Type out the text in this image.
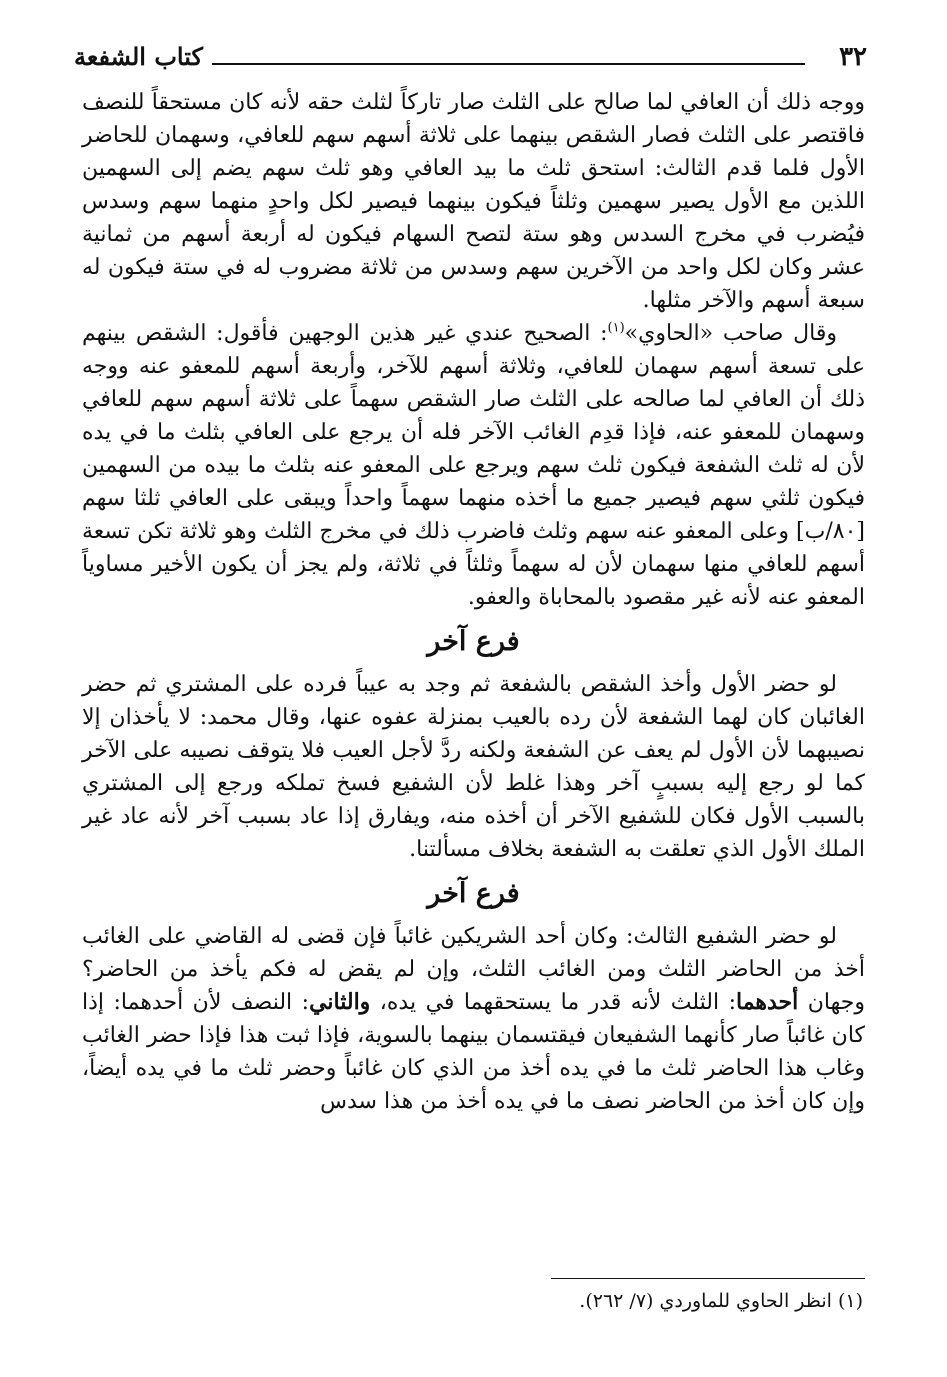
٣٢
كتاب الشفعة

ووجه ذلك أن العافي لما صالح على الثلث صار تاركاً لثلث حقه لأنه كان مستحقاً للنصف فاقتصر على الثلث فصار الشقص بينهما على ثلاثة أسهم سهم للعافي، وسهمان للحاضر الأول فلما قدم الثالث: استحق ثلث ما بيد العافي وهو ثلث سهم يضم إلى السهمين اللذين مع الأول يصير سهمين وثلثاً فيكون بينهما فيصير لكل واحدٍ منهما سهم وسدس فيُضرب في مخرج السدس وهو ستة لتصح السهام فيكون له أربعة أسهم من ثمانية عشر وكان لكل واحد من الآخرين سهم وسدس من ثلاثة مضروب له في ستة فيكون له سبعة أسهم والآخر مثلها.

وقال صاحب «الحاوي»$^{(١)}$: الصحيح عندي غير هذين الوجهين فأقول: الشقص بينهم على تسعة أسهم سهمان للعافي، وثلاثة أسهم للآخر، وأربعة أسهم للمعفو عنه ووجه ذلك أن العافي لما صالحه على الثلث صار الشقص سهماً على ثلاثة أسهم سهم للعافي وسهمان للمعفو عنه، فإذا قدِم الغائب الآخر فله أن يرجع على العافي بثلث ما في يده لأن له ثلث الشفعة فيكون ثلث سهم ويرجع على المعفو عنه بثلث ما بيده من السهمين فيكون ثلثي سهم فيصير جميع ما أخذه منهما سهماً واحداً ويبقى على العافي ثلثا سهم [٨٠/ب] وعلى المعفو عنه سهم وثلث فاضرب ذلك في مخرج الثلث وهو ثلاثة تكن تسعة أسهم للعافي منها سهمان لأن له سهماً وثلثاً في ثلاثة، ولم يجز أن يكون الأخير مساوياً المعفو عنه لأنه غير مقصود بالمحاباة والعفو.

فرع آخر

لو حضر الأول وأخذ الشقص بالشفعة ثم وجد به عيباً فرده على المشتري ثم حضر الغائبان كان لهما الشفعة لأن رده بالعيب بمنزلة عفوه عنها، وقال محمد: لا يأخذان إلا نصيبهما لأن الأول لم يعف عن الشفعة ولكنه ردَّ لأجل العيب فلا يتوقف نصيبه على الآخر كما لو رجع إليه بسببٍ آخر وهذا غلط لأن الشفيع فسخ تملكه ورجع إلى المشتري بالسبب الأول فكان للشفيع الآخر أن أخذه منه، ويفارق إذا عاد بسبب آخر لأنه عاد غير الملك الأول الذي تعلقت به الشفعة بخلاف مسألتنا.

فرع آخر

لو حضر الشفيع الثالث: وكان أحد الشريكين غائباً فإن قضى له القاضي على الغائب أخذ من الحاضر الثلث ومن الغائب الثلث، وإن لم يقض له فكم يأخذ من الحاضر؟ وجهان أحدهما: الثلث لأنه قدر ما يستحقهما في يده، والثاني: النصف لأن أحدهما: إذا كان غائباً صار كأنهما الشفيعان فيقتسمان بينهما بالسوية، فإذا ثبت هذا فإذا حضر الغائب وغاب هذا الحاضر ثلث ما في يده أخذ من الذي كان غائباً وحضر ثلث ما في يده أيضاً، وإن كان أخذ من الحاضر نصف ما في يده أخذ من هذا سدس

(١) انظر الحاوي للماوردي (٧/ ٢٦٢).
